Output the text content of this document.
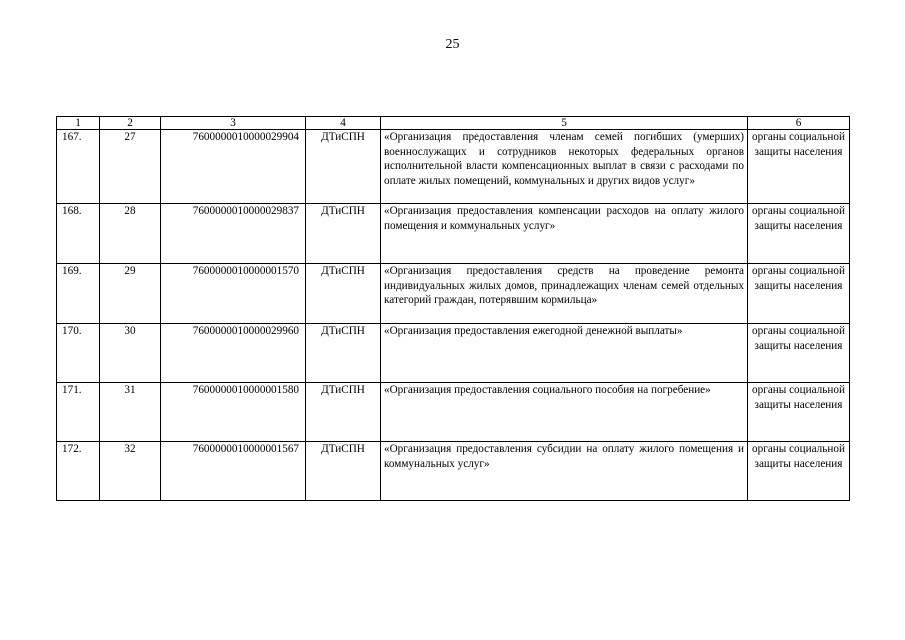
25
1	2	3	4	5	6
167.	27	7600000010000029904	ДТиСПН	«Организация предоставления членам семей погибших (умерших) военнослужащих и сотрудников некоторых федеральных органов исполнительной власти компенсационных выплат в связи с расходами по оплате жилых помещений, коммунальных и других видов услуг»	органы социальной защиты населения
168.	28	7600000010000029837	ДТиСПН	«Организация предоставления компенсации расходов на оплату жилого помещения и коммунальных услуг»	органы социальной защиты населения
169.	29	7600000010000001570	ДТиСПН	«Организация предоставления средств на проведение ремонта индивидуальных жилых домов, принадлежащих членам семей отдельных категорий граждан, потерявшим кормильца»	органы социальной защиты населения
170.	30	7600000010000029960	ДТиСПН	«Организация предоставления ежегодной денежной выплаты»	органы социальной защиты населения
171.	31	7600000010000001580	ДТиСПН	«Организация предоставления социального пособия на погребение»	органы социальной защиты населения
172.	32	7600000010000001567	ДТиСПН	«Организация предоставления субсидии на оплату жилого помещения и коммунальных услуг»	органы социальной защиты населения
